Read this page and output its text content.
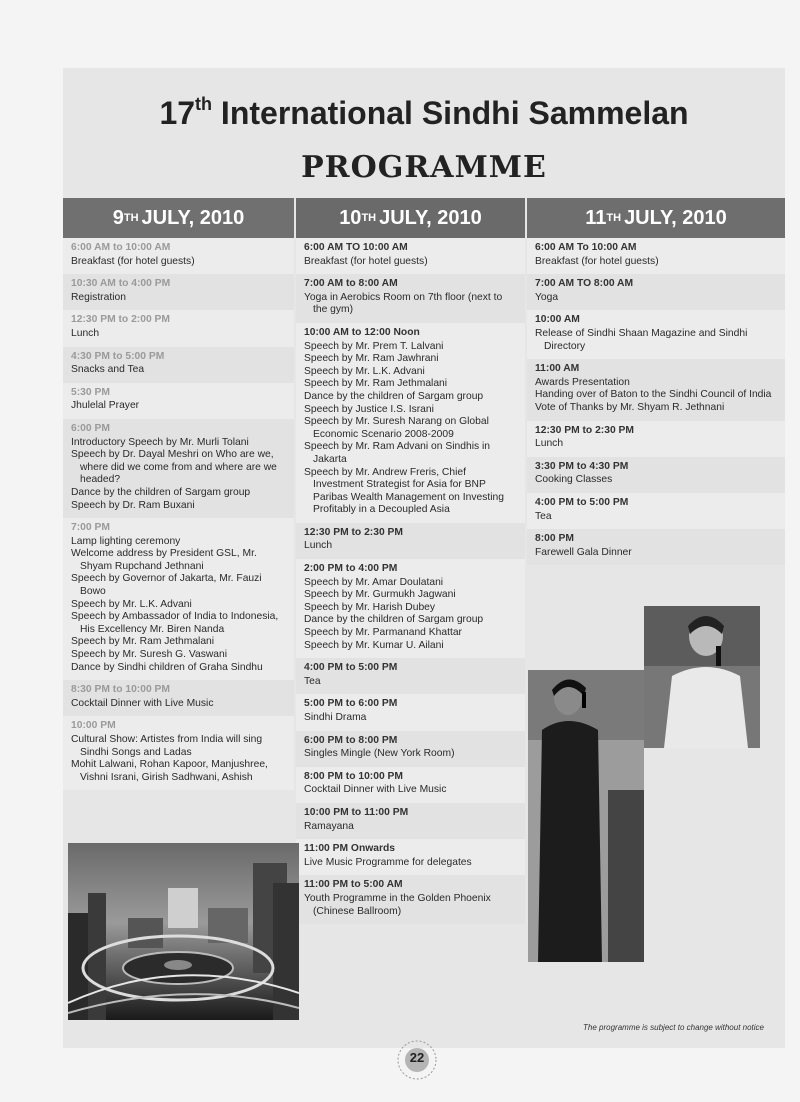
17th International Sindhi Sammelan
PROGRAMME
9 TH JULY, 2010	10 TH JULY, 2010	11 TH JULY, 2010
6:00 AM to 10:00 AM
Breakfast (for hotel guests)
10:30 AM to 4:00 PM
Registration
12:30 PM to 2:00 PM
Lunch
4:30 PM to 5:00 PM
Snacks and Tea
5:30 PM
Jhulelal Prayer
6:00 PM
Introductory Speech by Mr. Murli Tolani
Speech by Dr. Dayal Meshri on Who are we, where did we come from and where are we headed?
Dance by the children of Sargam group
Speech by Dr. Ram Buxani
7:00 PM
Lamp lighting ceremony
Welcome address by President GSL, Mr. Shyam Rupchand Jethnani
Speech by Governor of Jakarta, Mr. Fauzi Bowo
Speech by Mr. L.K. Advani
Speech by Ambassador of India to Indonesia, His Excellency Mr. Biren Nanda
Speech by Mr. Ram Jethmalani
Speech by Mr. Suresh G. Vaswani
Dance by Sindhi children of Graha Sindhu
8:30 PM to 10:00 PM
Cocktail Dinner with Live Music
10:00 PM
Cultural Show: Artistes from India will sing Sindhi Songs and Ladas
Mohit Lalwani, Rohan Kapoor, Manjushree, Vishni Israni, Girish Sadhwani, Ashish
6:00 AM TO 10:00 AM
Breakfast (for hotel guests)
7:00 AM to 8:00 AM
Yoga in Aerobics Room on 7th floor (next to the gym)
10:00 AM to 12:00 Noon
Speech by Mr. Prem T. Lalvani
Speech by Mr. Ram Jawhrani
Speech by Mr. L.K. Advani
Speech by Mr. Ram Jethmalani
Dance by the children of Sargam group
Speech by Justice I.S. Israni
Speech by Mr. Suresh Narang on Global Economic Scenario 2008-2009
Speech by Mr. Ram Advani on Sindhis in Jakarta
Speech by Mr. Andrew Freris, Chief Investment Strategist for Asia for BNP Paribas Wealth Management on Investing Profitably in a Decoupled Asia
12:30 PM to 2:30 PM
Lunch
2:00 PM to 4:00 PM
Speech by Mr. Amar Doulatani
Speech by Mr. Gurmukh Jagwani
Speech by Mr. Harish Dubey
Dance by the children of Sargam group
Speech by Mr. Parmanand Khattar
Speech by Mr. Kumar U. Ailani
4:00 PM to 5:00 PM
Tea
5:00 PM to 6:00 PM
Sindhi Drama
6:00 PM to 8:00 PM
Singles Mingle (New York Room)
8:00 PM to 10:00 PM
Cocktail Dinner with Live Music
10:00 PM to 11:00 PM
Ramayana
11:00 PM Onwards
Live Music Programme for delegates
11:00 PM to 5:00 AM
Youth Programme in the Golden Phoenix (Chinese Ballroom)
6:00 AM To 10:00 AM
Breakfast (for hotel guests)
7:00 AM TO 8:00 AM
Yoga
10:00 AM
Release of Sindhi Shaan Magazine and Sindhi Directory
11:00 AM
Awards Presentation
Handing over of Baton to the Sindhi Council of India
Vote of Thanks by Mr. Shyam R. Jethnani
12:30 PM to 2:30 PM
Lunch
3:30 PM to 4:30 PM
Cooking Classes
4:00 PM to 5:00 PM
Tea
8:00 PM
Farewell Gala Dinner
The programme is subject to change without notice
22
